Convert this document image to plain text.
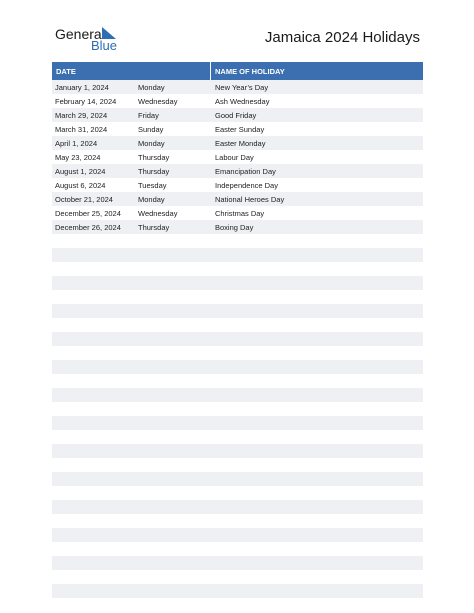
General
Blue	Jamaica 2024 Holidays
DATE	NAME OF HOLIDAY
January 1, 2024	Monday	New Year’s Day
February 14, 2024	Wednesday	Ash Wednesday
March 29, 2024	Friday	Good Friday
March 31, 2024	Sunday	Easter Sunday
April 1, 2024	Monday	Easter Monday
May 23, 2024	Thursday	Labour Day
August 1, 2024	Thursday	Emancipation Day
August 6, 2024	Tuesday	Independence Day
October 21, 2024	Monday	National Heroes Day
December 25, 2024	Wednesday	Christmas Day
December 26, 2024	Thursday	Boxing Day
